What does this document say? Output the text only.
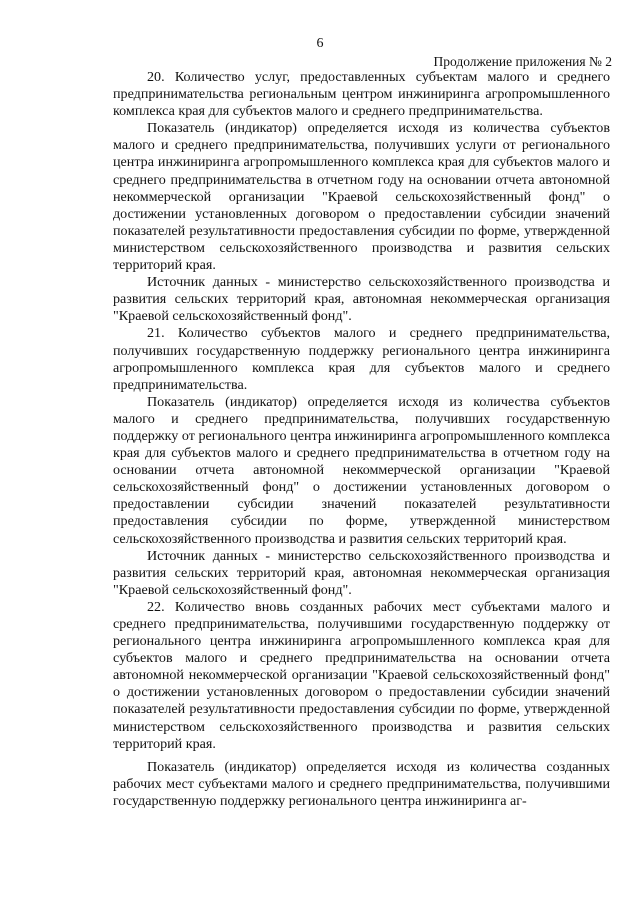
6
Продолжение приложения № 2

20. Количество услуг, предоставленных субъектам малого и среднего предпринимательства региональным центром инжиниринга агропромышленного комплекса края для субъектов малого и среднего предпринимательства.

Показатель (индикатор) определяется исходя из количества субъектов малого и среднего предпринимательства, получивших услуги от регионального центра инжиниринга агропромышленного комплекса края для субъектов малого и среднего предпринимательства в отчетном году на основании отчета автономной некоммерческой организации "Краевой сельскохозяйственный фонд" о достижении установленных договором о предоставлении субсидии значений показателей результативности предоставления субсидии по форме, утвержденной министерством сельскохозяйственного производства и развития сельских территорий края.

Источник данных - министерство сельскохозяйственного производства и развития сельских территорий края, автономная некоммерческая организация "Краевой сельскохозяйственный фонд".

21. Количество субъектов малого и среднего предпринимательства, получивших государственную поддержку регионального центра инжиниринга агропромышленного комплекса края для субъектов малого и среднего предпринимательства.

Показатель (индикатор) определяется исходя из количества субъектов малого и среднего предпринимательства, получивших государственную поддержку от регионального центра инжиниринга агропромышленного комплекса края для субъектов малого и среднего предпринимательства в отчетном году на основании отчета автономной некоммерческой организации "Краевой сельскохозяйственный фонд" о достижении установленных договором о предоставлении субсидии значений показателей результативности предоставления субсидии по форме, утвержденной министерством сельскохозяйственного производства и развития сельских территорий края.

Источник данных - министерство сельскохозяйственного производства и развития сельских территорий края, автономная некоммерческая организация "Краевой сельскохозяйственный фонд".

22. Количество вновь созданных рабочих мест субъектами малого и среднего предпринимательства, получившими государственную поддержку от регионального центра инжиниринга агропромышленного комплекса края для субъектов малого и среднего предпринимательства на основании отчета автономной некоммерческой организации "Краевой сельскохозяйственный фонд" о достижении установленных договором о предоставлении субсидии значений показателей результативности предоставления субсидии по форме, утвержденной министерством сельскохозяйственного производства и развития сельских территорий края.

Показатель (индикатор) определяется исходя из количества созданных рабочих мест субъектами малого и среднего предпринимательства, получившими государственную поддержку регионального центра инжиниринга аг-
